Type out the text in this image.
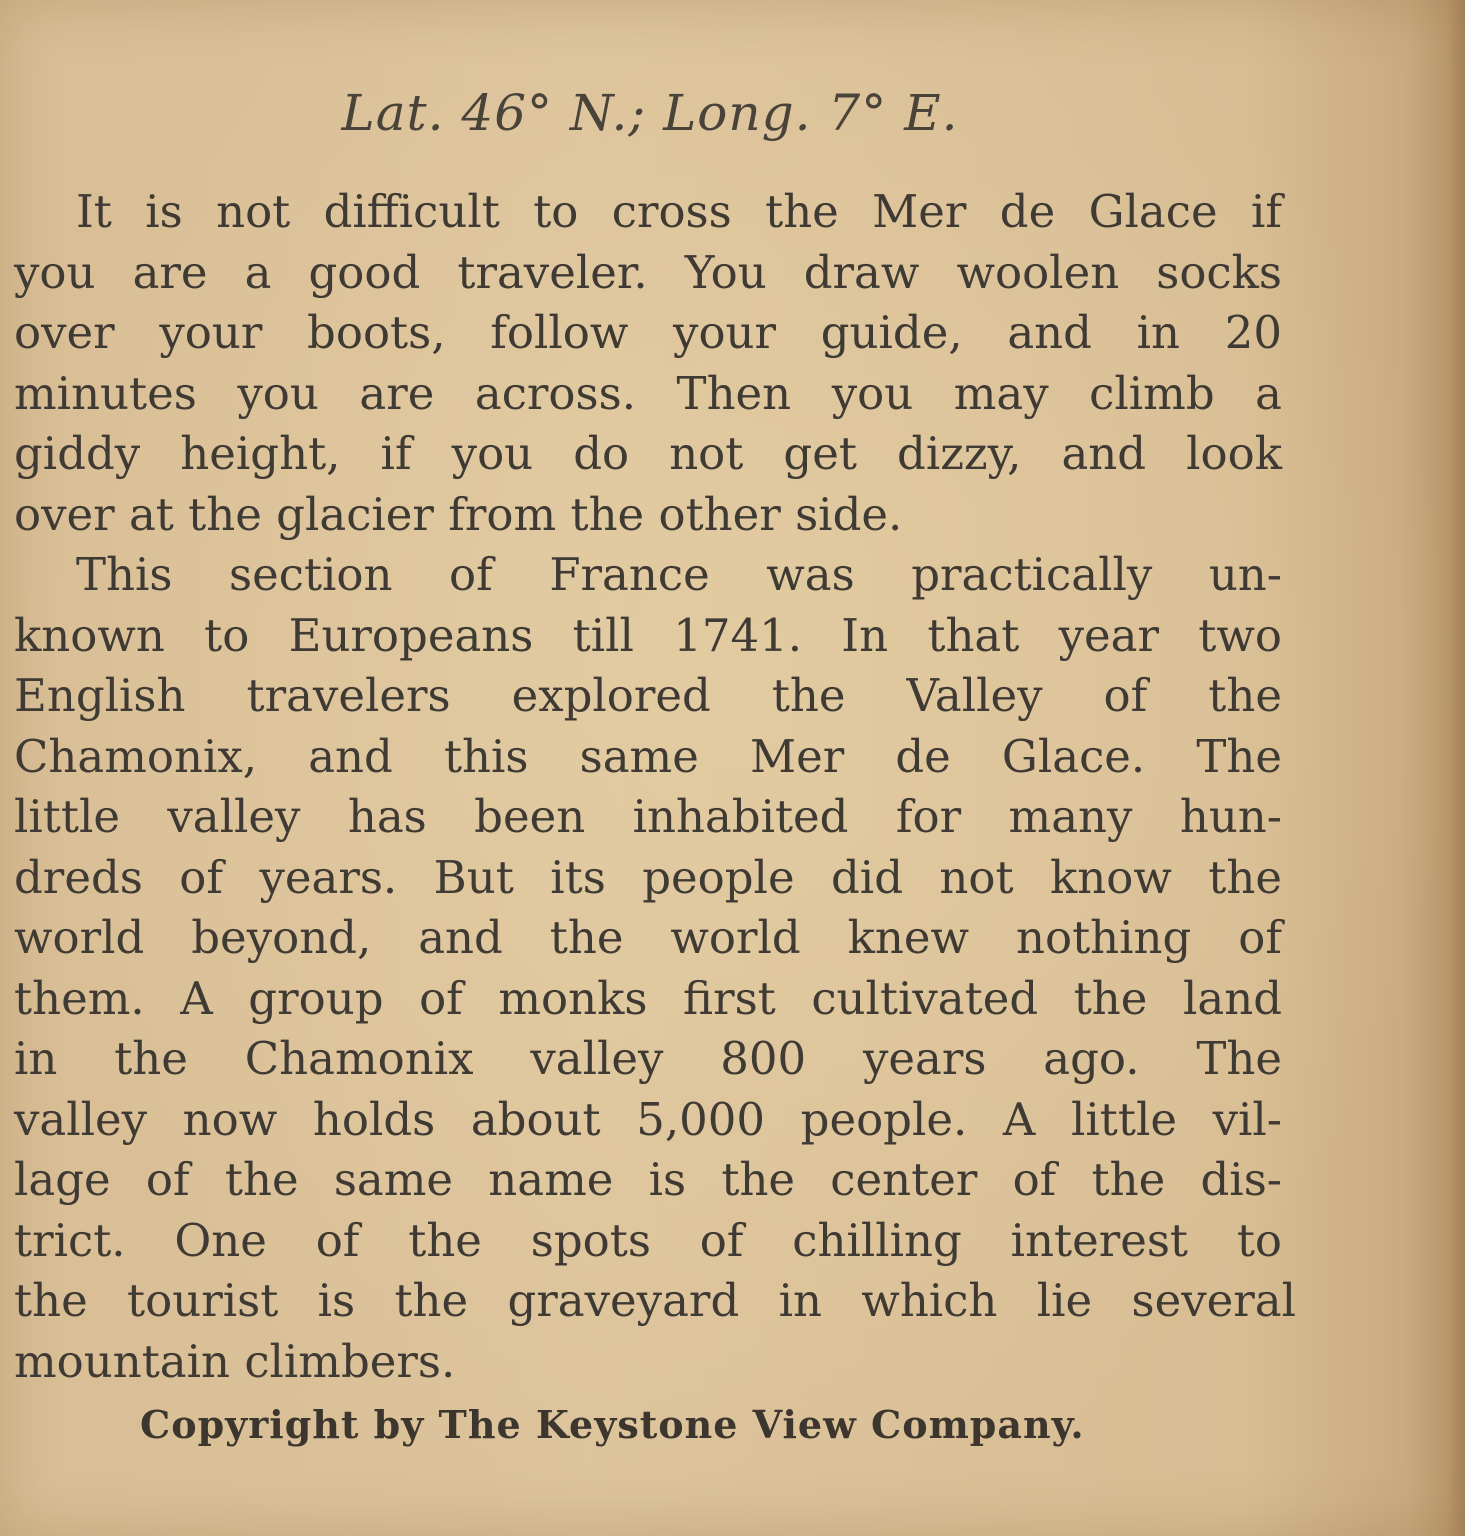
Lat. 46° N.; Long. 7° E.
It is not difficult to cross the Mer de Glace if
you are a good traveler. You draw woolen socks
over your boots, follow your guide, and in 20
minutes you are across. Then you may climb a
giddy height, if you do not get dizzy, and look
over at the glacier from the other side.
This section of France was practically un-
known to Europeans till 1741. In that year two
English travelers explored the Valley of the
Chamonix, and this same Mer de Glace. The
little valley has been inhabited for many hun-
dreds of years. But its people did not know the
world beyond, and the world knew nothing of
them. A group of monks first cultivated the land
in the Chamonix valley 800 years ago. The
valley now holds about 5,000 people. A little vil-
lage of the same name is the center of the dis-
trict. One of the spots of chilling interest to
the tourist is the graveyard in which lie several
mountain climbers.
Copyright by The Keystone View Company.
